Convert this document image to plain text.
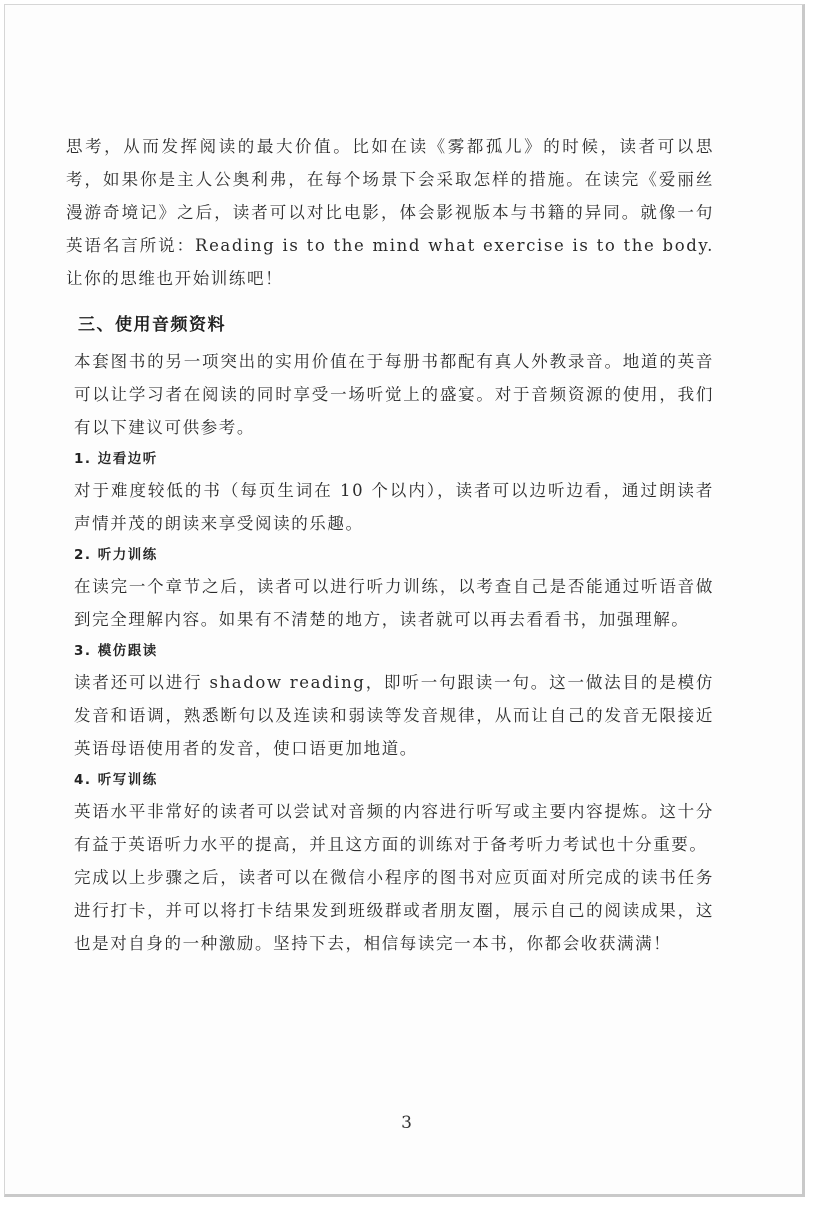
思考，从而发挥阅读的最大价值。比如在读《雾都孤儿》的时候，读者可以思考，如果你是主人公奥利弗，在每个场景下会采取怎样的措施。在读完《爱丽丝漫游奇境记》之后，读者可以对比电影，体会影视版本与书籍的异同。就像一句英语名言所说：Reading is to the mind what exercise is to the body. 让你的思维也开始训练吧！

三、使用音频资料

本套图书的另一项突出的实用价值在于每册书都配有真人外教录音。地道的英音可以让学习者在阅读的同时享受一场听觉上的盛宴。对于音频资源的使用，我们有以下建议可供参考。

1. 边看边听

对于难度较低的书（每页生词在 10 个以内），读者可以边听边看，通过朗读者声情并茂的朗读来享受阅读的乐趣。

2. 听力训练

在读完一个章节之后，读者可以进行听力训练，以考查自己是否能通过听语音做到完全理解内容。如果有不清楚的地方，读者就可以再去看看书，加强理解。

3. 模仿跟读

读者还可以进行 shadow reading，即听一句跟读一句。这一做法目的是模仿发音和语调，熟悉断句以及连读和弱读等发音规律，从而让自己的发音无限接近英语母语使用者的发音，使口语更加地道。

4. 听写训练

英语水平非常好的读者可以尝试对音频的内容进行听写或主要内容提炼。这十分有益于英语听力水平的提高，并且这方面的训练对于备考听力考试也十分重要。

完成以上步骤之后，读者可以在微信小程序的图书对应页面对所完成的读书任务进行打卡，并可以将打卡结果发到班级群或者朋友圈，展示自己的阅读成果，这也是对自身的一种激励。坚持下去，相信每读完一本书，你都会收获满满！

3
